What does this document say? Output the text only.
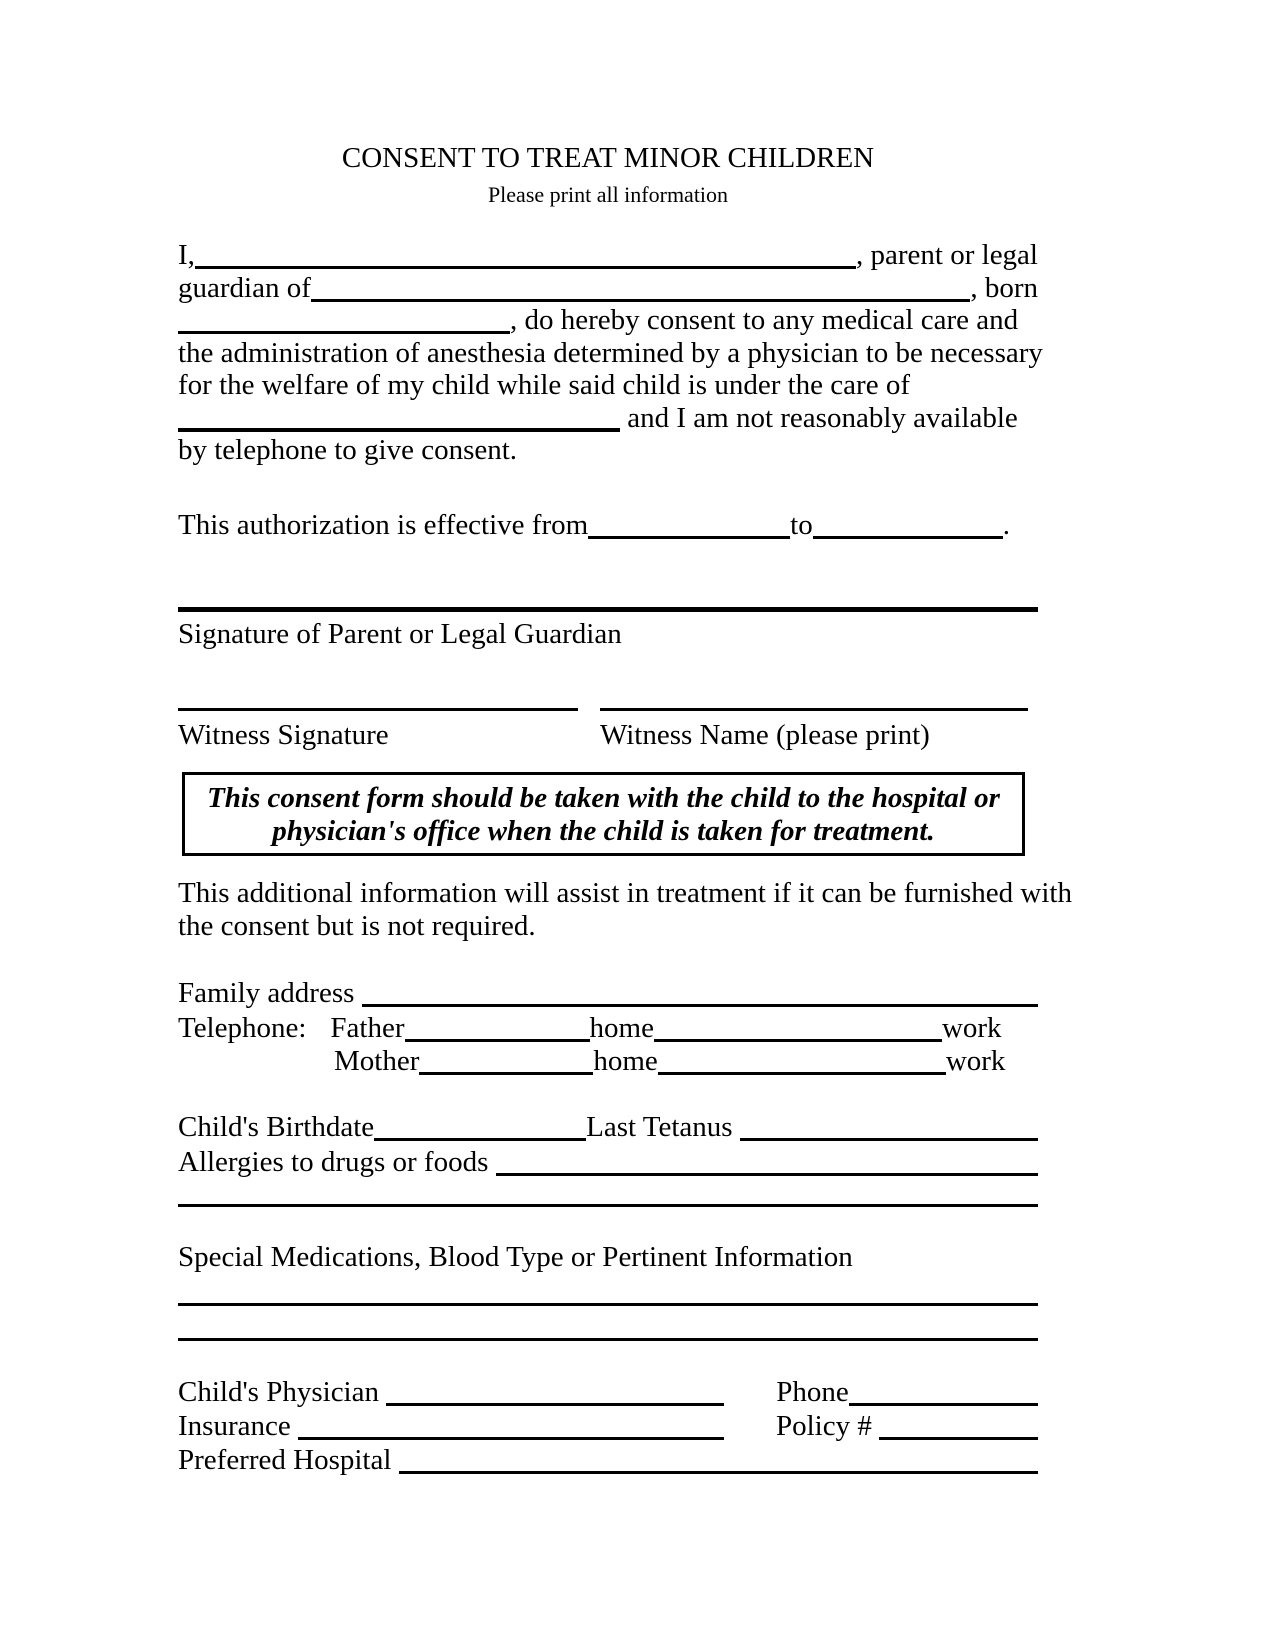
CONSENT TO TREAT MINOR CHILDREN
Please print all information
I,	, parent or legal
guardian of	, born
, do hereby consent to any medical care and
the administration of anesthesia determined by a physician to be necessary
for the welfare of my child while said child is under the care of
and I am not reasonably available
by telephone to give consent.
This authorization is effective from	to	.
Signature of Parent or Legal Guardian
Witness Signature	Witness Name (please print)
This consent form should be taken with the child to the hospital or
physician's office when the child is taken for treatment.
This additional information will assist in treatment if it can be furnished with
the consent but is not required.
Family address
Telephone: Father	home	work
Mother	home	work
Child's Birthdate	Last Tetanus
Allergies to drugs or foods
Special Medications, Blood Type or Pertinent Information
Child's Physician	Phone
Insurance	Policy #
Preferred Hospital
